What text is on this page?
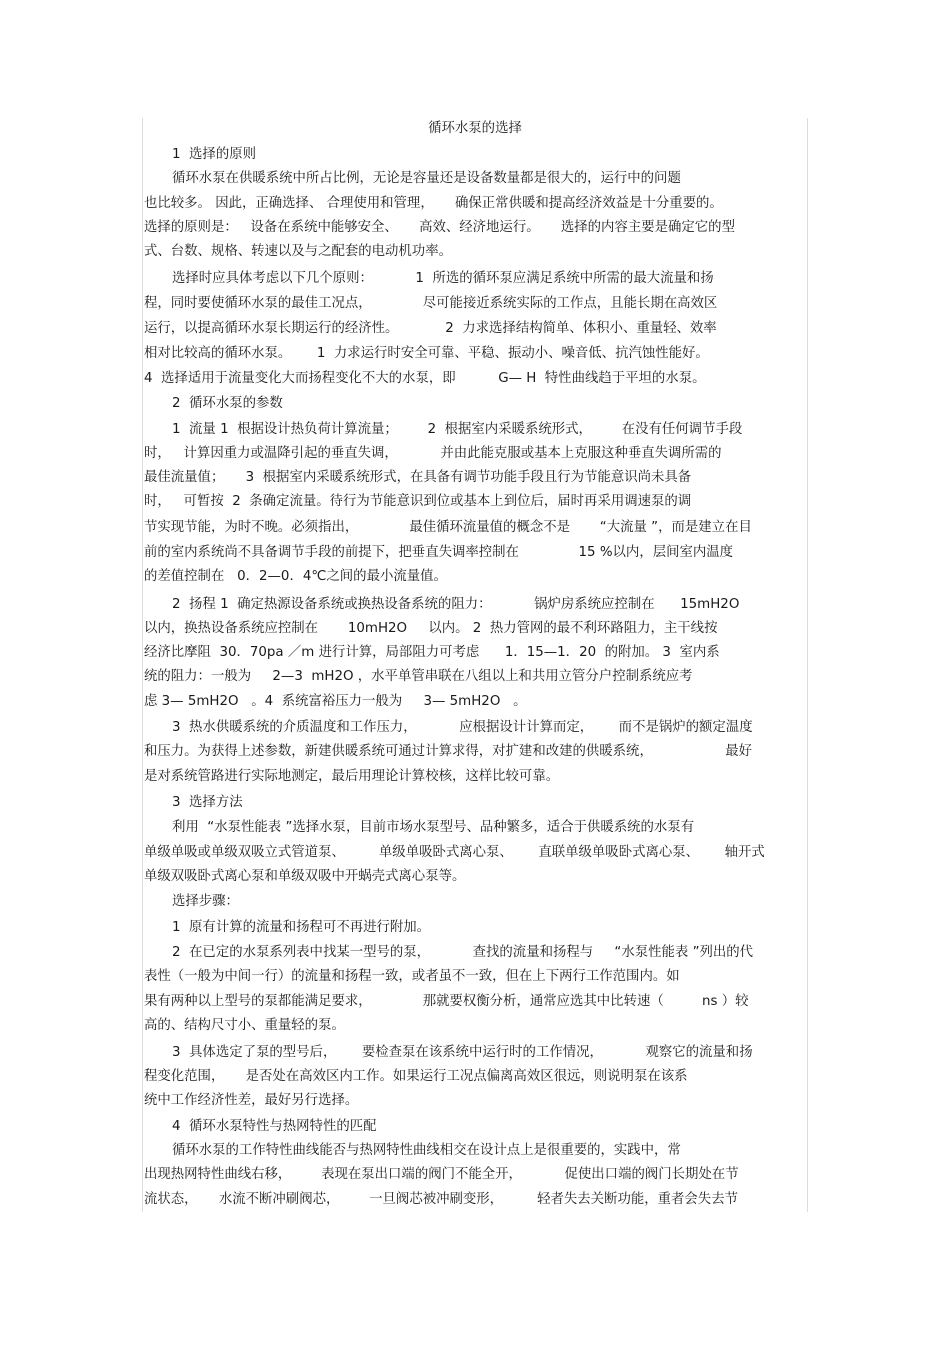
循环水泵的选择
1  选择的原则
循环水泵在供暖系统中所占比例，无论是容量还是设备数量都是很大的，运行中的问题
也比较多。 因此，正确选择、 合理使用和管理，     确保正常供暖和提高经济效益是十分重要的。
选择的原则是：   设备在系统中能够安全、     高效、经济地运行。     选择的内容主要是确定它的型
式、台数、规格、转速以及与之配套的电动机功率。
选择时应具体考虑以下几个原则：          1  所选的循环泵应满足系统中所需的最大流量和扬
程，同时要使循环水泵的最佳工况点，            尽可能接近系统实际的工作点，且能长期在高效区
运行，以提高循环水泵长期运行的经济性。           2  力求选择结构简单、体积小、重量轻、效率
相对比较高的循环水泵。      1  力求运行时安全可靠、平稳、振动小、噪音低、抗汽蚀性能好。
4  选择适用于流量变化大而扬程变化不大的水泵，即          G— H  特性曲线趋于平坦的水泵。
2  循环水泵的参数
1  流量 1  根据设计热负荷计算流量；       2  根据室内采暖系统形式，       在没有任何调节手段
时，   计算因重力或温降引起的垂直失调，          并由此能克服或基本上克服这种垂直失调所需的
最佳流量值；     3  根据室内采暖系统形式，在具备有调节功能手段且行为节能意识尚未具备
时，   可暂按  2  条确定流量。待行为节能意识到位或基本上到位后，届时再采用调速泵的调
节实现节能，为时不晚。必须指出，            最佳循环流量值的概念不是       “大流量 ”，而是建立在目
前的室内系统尚不具备调节手段的前提下，把垂直失调率控制在              15 %以内，层间室内温度
的差值控制在   0．2—0．4℃之间的最小流量值。
2  扬程 1  确定热源设备系统或换热设备系统的阻力：          锅炉房系统应控制在      15mH2O
以内，换热设备系统应控制在       10mH2O     以内。 2  热力管网的最不利环路阻力，主干线按
经济比摩阻  30．70pa ／m 进行计算，局部阻力可考虑      1．15—1．20  的附加。 3  室内系
统的阻力：一般为     2—3  mH2O ，水平单管串联在八组以上和共用立管分户控制系统应考
虑 3— 5mH2O   。4  系统富裕压力一般为     3— 5mH2O   。
3  热水供暖系统的介质温度和工作压力，          应根据设计计算而定，      而不是锅炉的额定温度
和压力。为获得上述参数，新建供暖系统可通过计算求得，对扩建和改建的供暖系统，                 最好
是对系统管路进行实际地测定，最后用理论计算校核，这样比较可靠。
3  选择方法
利用  “水泵性能表 ”选择水泵，目前市场水泵型号、品种繁多，适合于供暖系统的水泵有
单级单吸或单级双吸立式管道泵、        单级单吸卧式离心泵、      直联单级单吸卧式离心泵、      轴开式
单级双吸卧式离心泵和单级双吸中开蜗壳式离心泵等。
选择步骤：
1  原有计算的流量和扬程可不再进行附加。
2  在已定的水泵系列表中找某一型号的泵，          查找的流量和扬程与     “水泵性能表 ”列出的代
表性（一般为中间一行）的流量和扬程一致，或者虽不一致，但在上下两行工作范围内。如
果有两种以上型号的泵都能满足要求，            那就要权衡分析，通常应选其中比转速（         ns ）较
高的、结构尺寸小、重量轻的泵。
3  具体选定了泵的型号后，      要检查泵在该系统中运行时的工作情况，          观察它的流量和扬
程变化范围，     是否处在高效区内工作。如果运行工况点偏离高效区很远，则说明泵在该系
统中工作经济性差，最好另行选择。
4  循环水泵特性与热网特性的匹配
循环水泵的工作特性曲线能否与热网特性曲线相交在设计点上是很重要的，实践中，常
出现热网特性曲线右移，       表现在泵出口端的阀门不能全开，          促使出口端的阀门长期处在节
流状态，     水流不断冲刷阀芯，       一旦阀芯被冲刷变形，        轻者失去关断功能，重者会失去节
